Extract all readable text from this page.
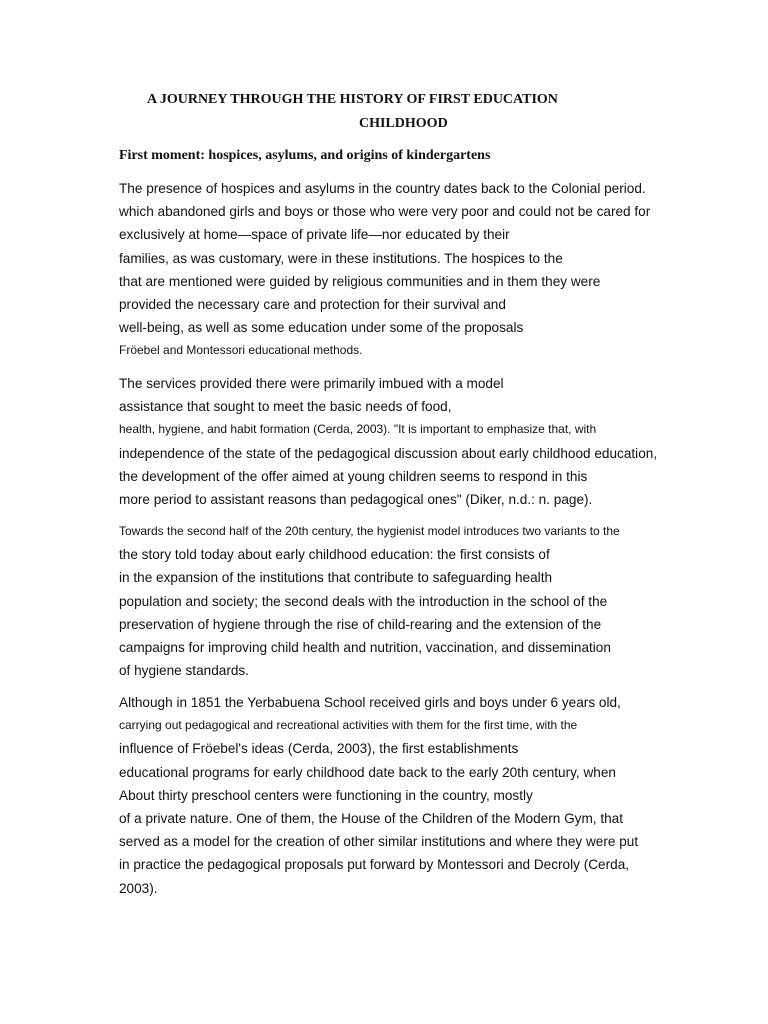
A JOURNEY THROUGH THE HISTORY OF FIRST EDUCATION
CHILDHOOD
First moment: hospices, asylums, and origins of kindergartens
The presence of hospices and asylums in the country dates back to the Colonial period.
which abandoned girls and boys or those who were very poor and could not be cared for
exclusively at home—space of private life—nor educated by their
families, as was customary, were in these institutions. The hospices to the
that are mentioned were guided by religious communities and in them they were
provided the necessary care and protection for their survival and
well-being, as well as some education under some of the proposals
Fröebel and Montessori educational methods.
The services provided there were primarily imbued with a model
assistance that sought to meet the basic needs of food,
health, hygiene, and habit formation (Cerda, 2003). "It is important to emphasize that, with
independence of the state of the pedagogical discussion about early childhood education,
the development of the offer aimed at young children seems to respond in this
more period to assistant reasons than pedagogical ones" (Diker, n.d.: n. page).
Towards the second half of the 20th century, the hygienist model introduces two variants to the
the story told today about early childhood education: the first consists of
in the expansion of the institutions that contribute to safeguarding health
population and society; the second deals with the introduction in the school of the
preservation of hygiene through the rise of child-rearing and the extension of the
campaigns for improving child health and nutrition, vaccination, and dissemination
of hygiene standards.
Although in 1851 the Yerbabuena School received girls and boys under 6 years old,
carrying out pedagogical and recreational activities with them for the first time, with the
influence of Fröebel's ideas (Cerda, 2003), the first establishments
educational programs for early childhood date back to the early 20th century, when
About thirty preschool centers were functioning in the country, mostly
of a private nature. One of them, the House of the Children of the Modern Gym, that
served as a model for the creation of other similar institutions and where they were put
in practice the pedagogical proposals put forward by Montessori and Decroly (Cerda,
2003).
